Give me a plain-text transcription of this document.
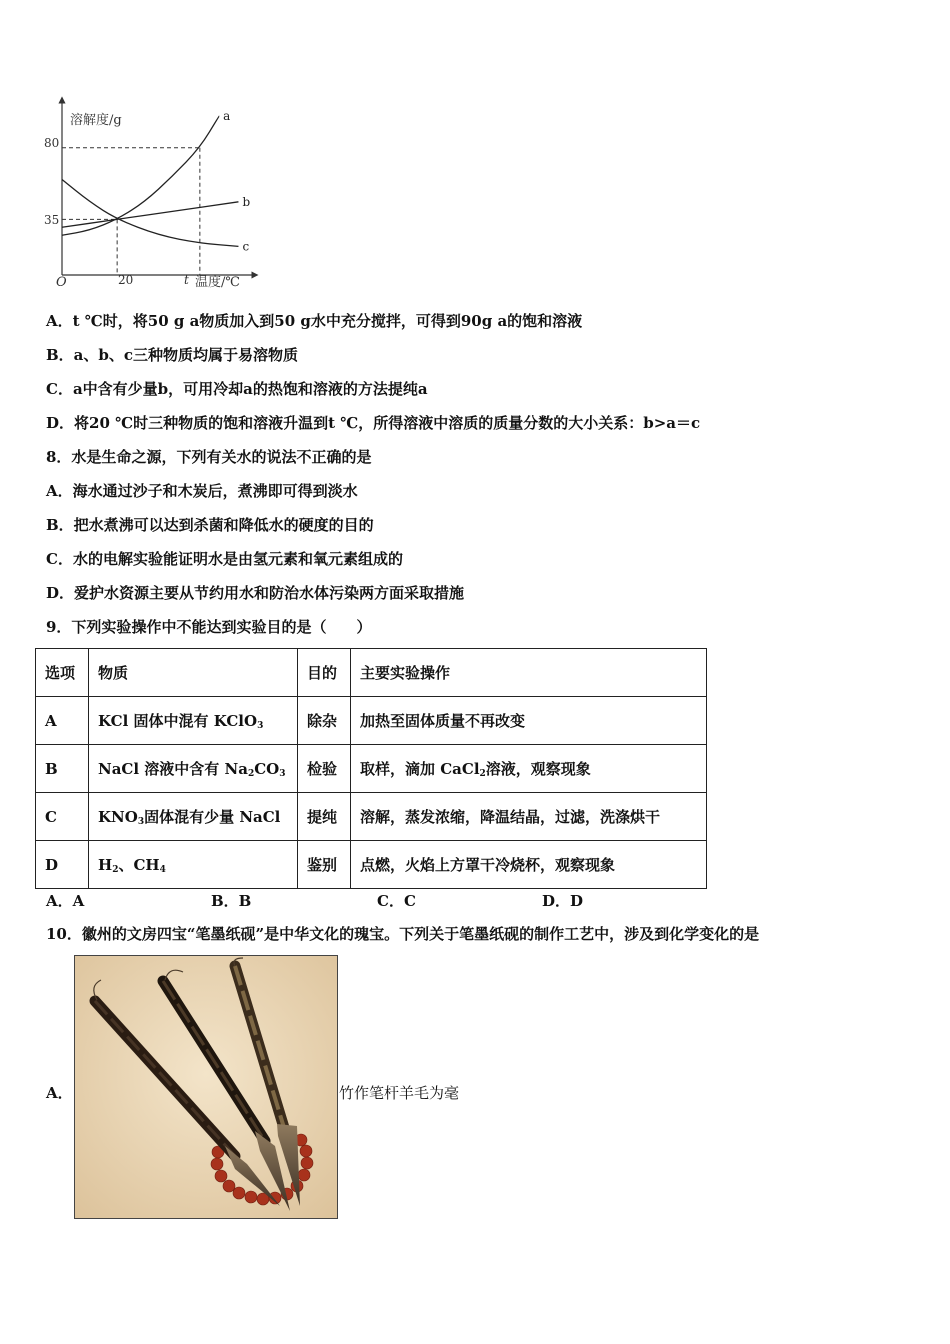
溶解度/g
温度/℃
O
80
35
20	t
a
b
c
A．t ℃时，将50 g a物质加入到50 g水中充分搅拌，可得到90g a的饱和溶液
B．a、b、c三种物质均属于易溶物质
C．a中含有少量b，可用冷却a的热饱和溶液的方法提纯a
D．将20 ℃时三种物质的饱和溶液升温到t ℃，所得溶液中溶质的质量分数的大小关系：b>a＝c
8．水是生命之源，下列有关水的说法不正确的是
A．海水通过沙子和木炭后，煮沸即可得到淡水
B．把水煮沸可以达到杀菌和降低水的硬度的目的
C．水的电解实验能证明水是由氢元素和氧元素组成的
D．爱护水资源主要从节约用水和防治水体污染两方面采取措施
9．下列实验操作中不能达到实验目的是（　　）
选项	物质	目的	主要实验操作
A	KCl 固体中混有 KClO$_3$	除杂	加热至固体质量不再改变
B	NaCl 溶液中含有 $Na_2CO_3$	检验	取样，滴加 CaCl$_2$溶液，观察现象
C	$KNO_3$固体混有少量 NaCl	提纯	溶解，蒸发浓缩，降温结晶，过滤，洗涤烘干
D	$H_2$、$CH_4$	鉴别	点燃，火焰上方罩干冷烧杯，观察现象
A．A	B．B	C．C	D．D
10．徽州的文房四宝“笔墨纸砚”是中华文化的瑰宝。下列关于笔墨纸砚的制作工艺中，涉及到化学变化的是
A．	竹作笔杆羊毛为毫
